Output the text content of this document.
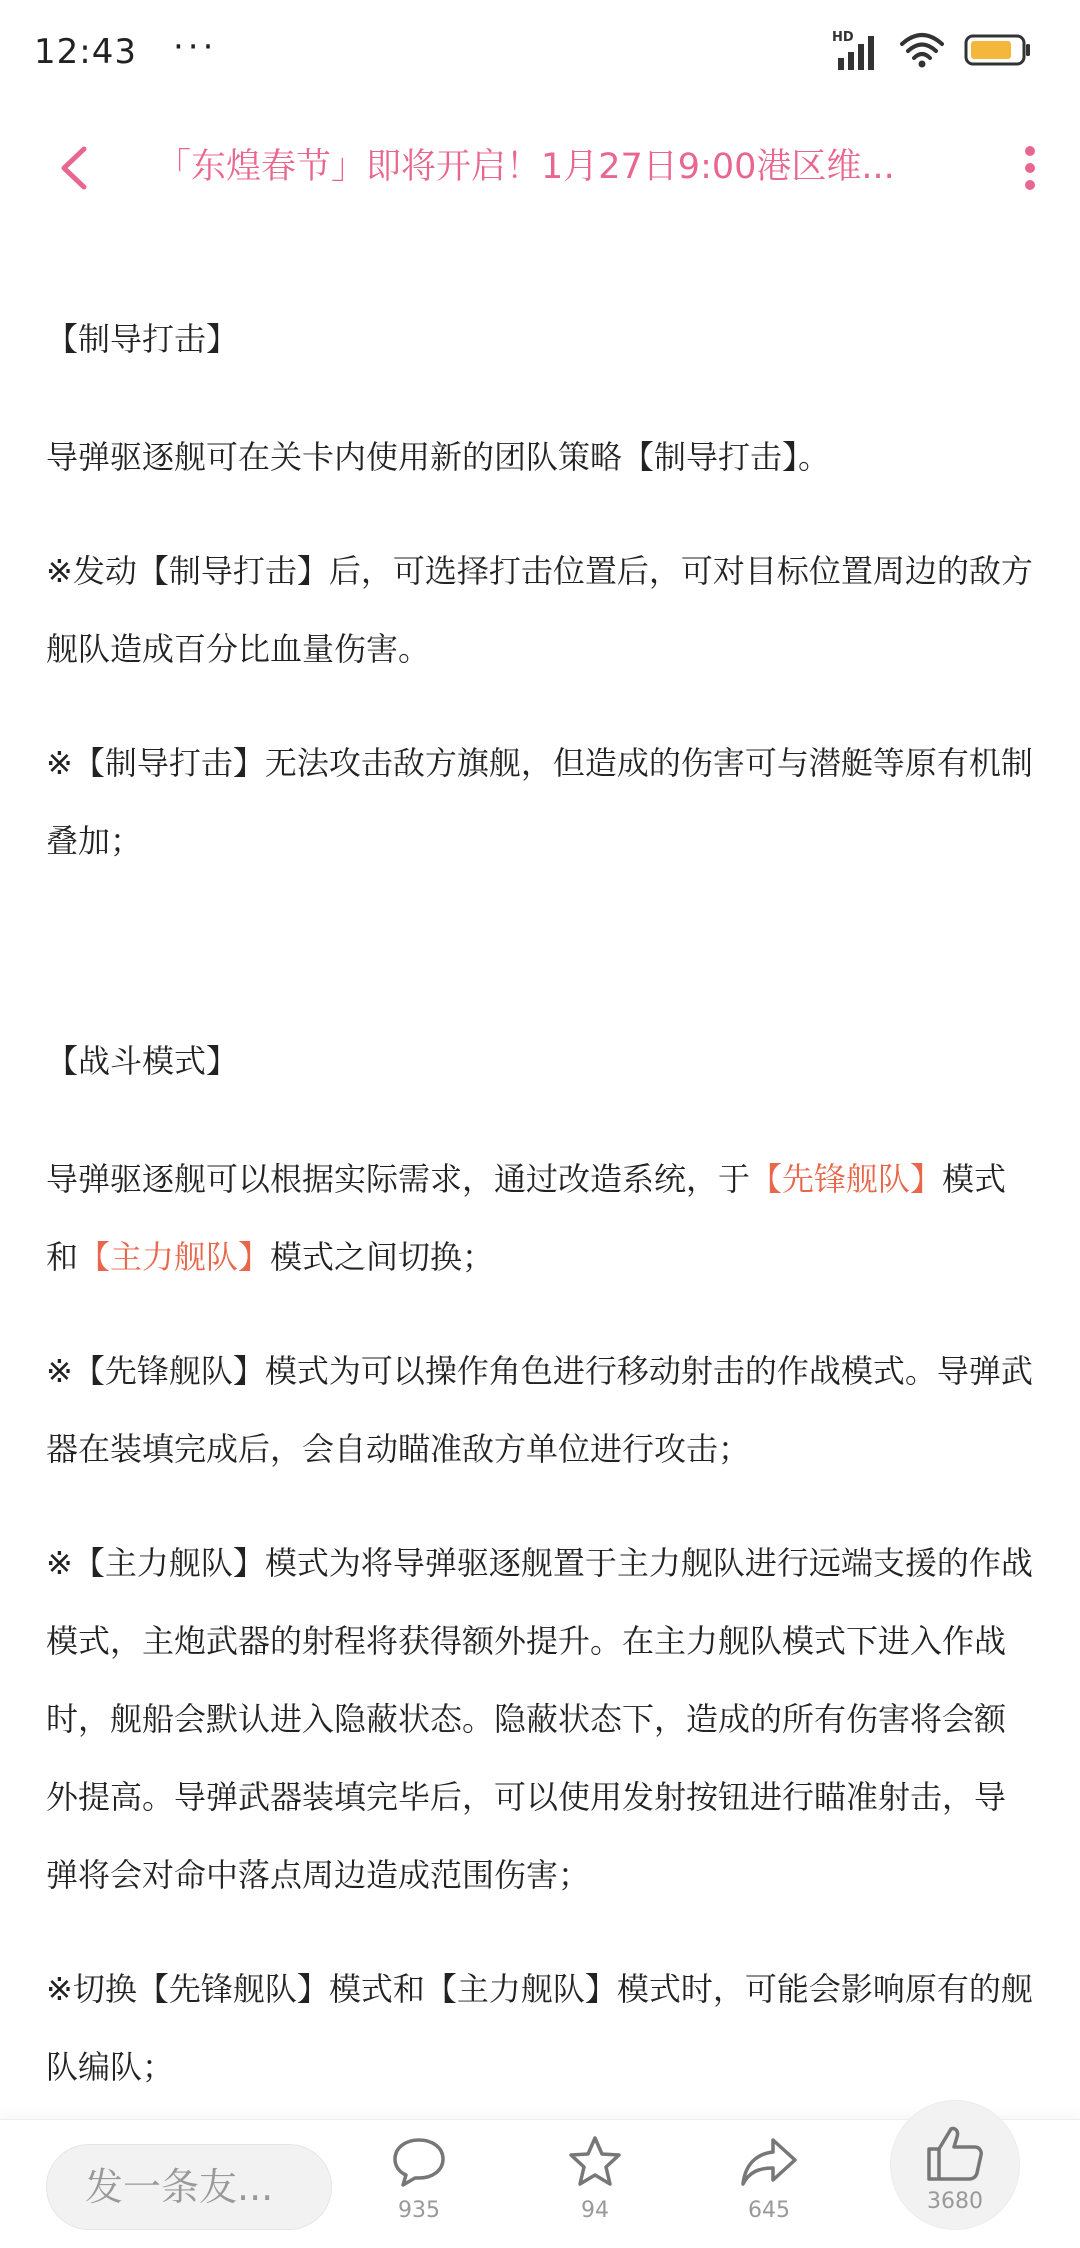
12:43 ···	HD
「东煌春节」即将开启！1月27日9:00港区维...

【制导打击】

导弹驱逐舰可在关卡内使用新的团队策略【制导打击】。

※发动【制导打击】后，可选择打击位置后，可对目标位置周边的敌方舰队造成百分比血量伤害。

※【制导打击】无法攻击敌方旗舰，但造成的伤害可与潜艇等原有机制叠加；

【战斗模式】

导弹驱逐舰可以根据实际需求，通过改造系统，于【先锋舰队】模式和【主力舰队】模式之间切换；

※【先锋舰队】模式为可以操作角色进行移动射击的作战模式。导弹武器在装填完成后，会自动瞄准敌方单位进行攻击；

※【主力舰队】模式为将导弹驱逐舰置于主力舰队进行远端支援的作战模式，主炮武器的射程将获得额外提升。在主力舰队模式下进入作战时，舰船会默认进入隐蔽状态。隐蔽状态下，造成的所有伤害将会额外提高。导弹武器装填完毕后，可以使用发射按钮进行瞄准射击，导弹将会对命中落点周边造成范围伤害；

※切换【先锋舰队】模式和【主力舰队】模式时，可能会影响原有的舰队编队；

发一条友...
935	94	645	3680
